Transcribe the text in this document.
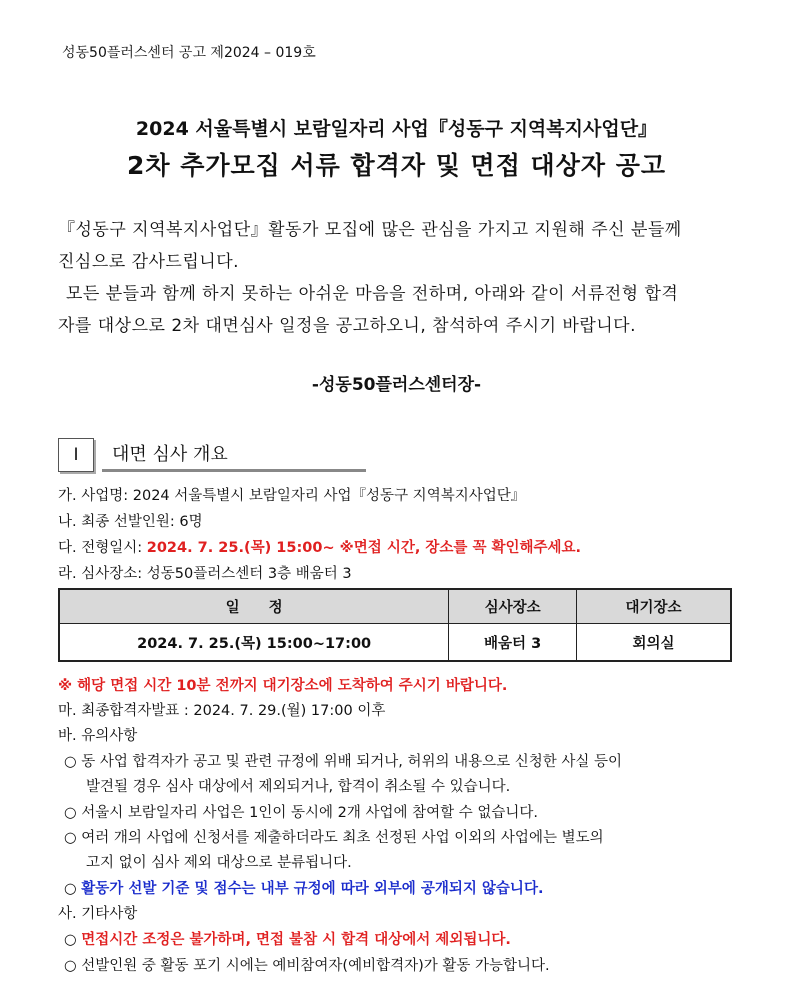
성동50플러스센터 공고 제2024 – 019호
2024 서울특별시 보람일자리 사업『성동구 지역복지사업단』
2차 추가모집 서류 합격자 및 면접 대상자 공고
『성동구 지역복지사업단』활동가 모집에 많은 관심을 가지고 지원해 주신 분들께
진심으로 감사드립니다.
모든 분들과 함께 하지 못하는 아쉬운 마음을 전하며, 아래와 같이 서류전형 합격
자를 대상으로 2차 대면심사 일정을 공고하오니, 참석하여 주시기 바랍니다.
-성동50플러스센터장-
Ⅰ	대면 심사 개요
가. 사업명: 2024 서울특별시 보람일자리 사업『성동구 지역복지사업단』
나. 최종 선발인원: 6명
다. 전형일시: 2024. 7. 25.(목) 15:00~ ※면접 시간, 장소를 꼭 확인해주세요.
라. 심사장소: 성동50플러스센터 3층 배움터 3
일　　정	심사장소	대기장소
2024. 7. 25.(목) 15:00~17:00	배움터 3	회의실
※ 해당 면접 시간 10분 전까지 대기장소에 도착하여 주시기 바랍니다.
마. 최종합격자발표 : 2024. 7. 29.(월) 17:00 이후
바. 유의사항
○ 동 사업 합격자가 공고 및 관련 규정에 위배 되거나, 허위의 내용으로 신청한 사실 등이
발견될 경우 심사 대상에서 제외되거나, 합격이 취소될 수 있습니다.
○ 서울시 보람일자리 사업은 1인이 동시에 2개 사업에 참여할 수 없습니다.
○ 여러 개의 사업에 신청서를 제출하더라도 최초 선정된 사업 이외의 사업에는 별도의
고지 없이 심사 제외 대상으로 분류됩니다.
○ 활동가 선발 기준 및 점수는 내부 규정에 따라 외부에 공개되지 않습니다.
사. 기타사항
○ 면접시간 조정은 불가하며, 면접 불참 시 합격 대상에서 제외됩니다.
○ 선발인원 중 활동 포기 시에는 예비참여자(예비합격자)가 활동 가능합니다.
